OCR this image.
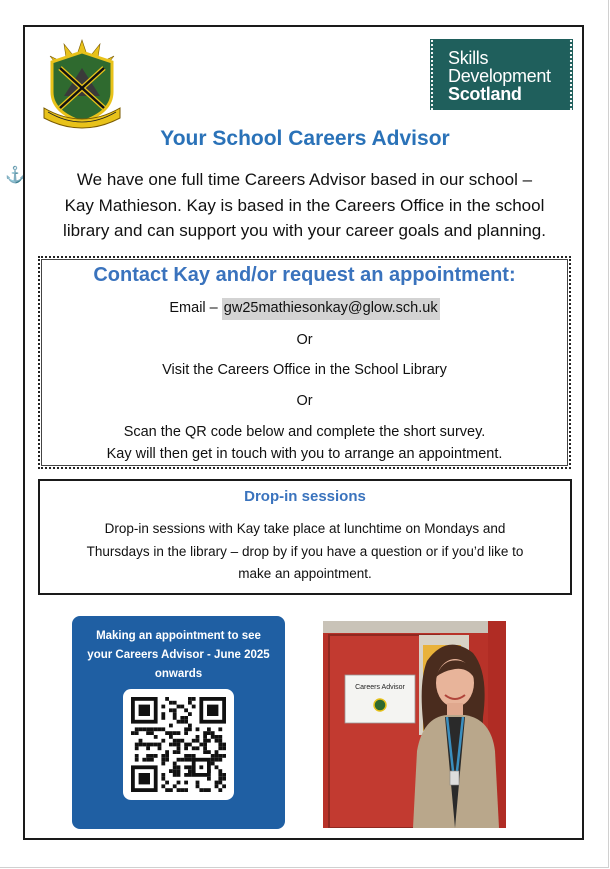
⚓
Skills
Development
Scotland
Your School Careers Advisor
We have one full time Careers Advisor based in our school –
Kay Mathieson. Kay is based in the Careers Office in the school
library and can support you with your career goals and planning.
Contact Kay and/or request an appointment:
Email – gw25mathiesonkay@glow.sch.uk
Or
Visit the Careers Office in the School Library
Or
Scan the QR code below and complete the short survey.
Kay will then get in touch with you to arrange an appointment.
Drop-in sessions
Drop-in sessions with Kay take place at lunchtime on Mondays and
Thursdays in the library – drop by if you have a question or if you’d like to
make an appointment.
Making an appointment to see
your Careers Advisor - June 2025
onwards
Careers Advisor
